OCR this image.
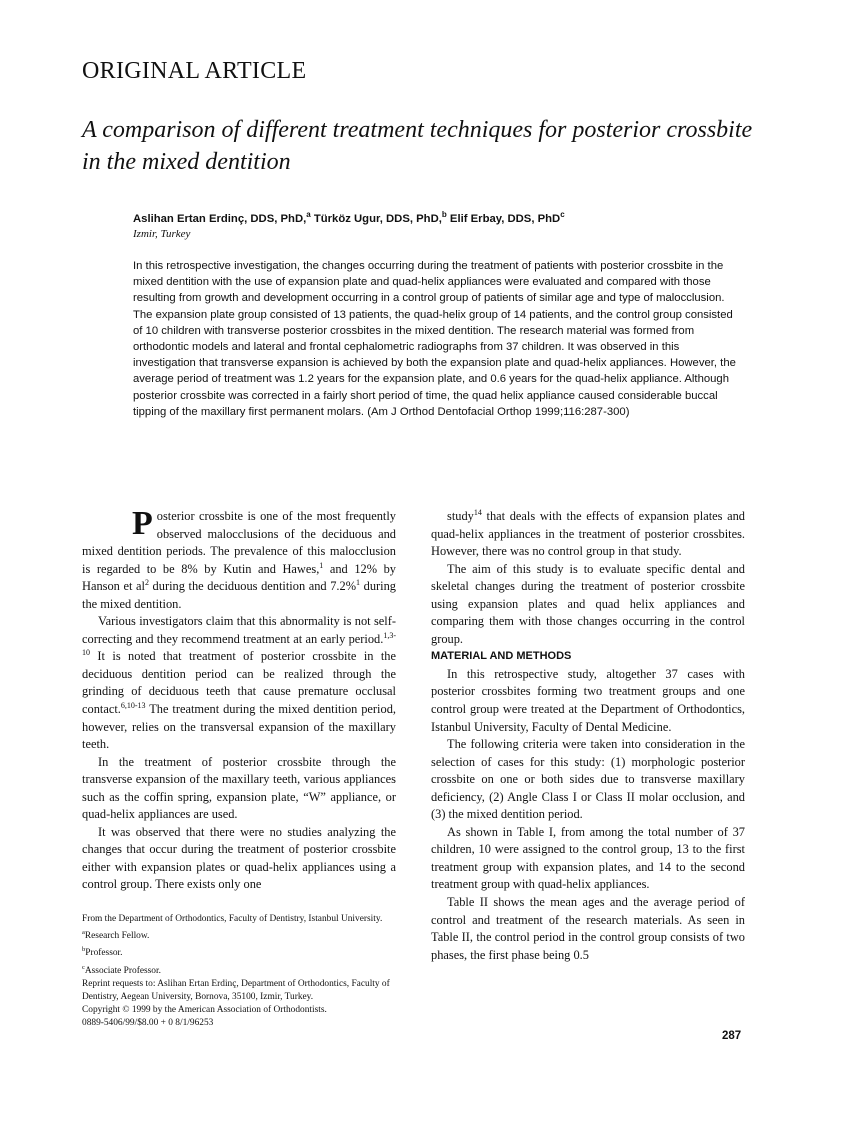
ORIGINAL ARTICLE
A comparison of different treatment techniques for posterior crossbite in the mixed dentition
Aslihan Ertan Erdinç, DDS, PhD,$^a$ Türköz Ugur, DDS, PhD,$^b$ Elif Erbay, DDS, PhD$^c$
Izmir, Turkey
In this retrospective investigation, the changes occurring during the treatment of patients with posterior crossbite in the mixed dentition with the use of expansion plate and quad-helix appliances were evaluated and compared with those resulting from growth and development occurring in a control group of patients of similar age and type of malocclusion. The expansion plate group consisted of 13 patients, the quad-helix group of 14 patients, and the control group consisted of 10 children with transverse posterior crossbites in the mixed dentition. The research material was formed from orthodontic models and lateral and frontal cephalometric radiographs from 37 children. It was observed in this investigation that transverse expansion is achieved by both the expansion plate and quad-helix appliances. However, the average period of treatment was 1.2 years for the expansion plate, and 0.6 years for the quad-helix appliance. Although posterior crossbite was corrected in a fairly short period of time, the quad helix appliance caused considerable buccal tipping of the maxillary first permanent molars. (Am J Orthod Dentofacial Orthop 1999;116:287-300)

Posterior crossbite is one of the most frequently observed malocclusions of the deciduous and mixed dentition periods. The prevalence of this malocclusion is regarded to be 8% by Kutin and Hawes,$^1$ and 12% by Hanson et $al^2$ during the deciduous dentition and 7.2%$^1$ during the mixed dentition.

Various investigators claim that this abnormality is not self-correcting and they recommend treatment at an early period.$^{1,3-10}$ It is noted that treatment of posterior crossbite in the deciduous dentition period can be realized through the grinding of deciduous teeth that cause premature occlusal contact.$^{6,10-13}$ The treatment during the mixed dentition period, however, relies on the transversal expansion of the maxillary teeth.

In the treatment of posterior crossbite through the transverse expansion of the maxillary teeth, various appliances such as the coffin spring, expansion plate, “W” appliance, or quad-helix appliances are used.

It was observed that there were no studies analyzing the changes that occur during the treatment of posterior crossbite either with expansion plates or quad-helix appliances using a control group. There exists only one

study$^{14}$ that deals with the effects of expansion plates and quad-helix appliances in the treatment of posterior crossbites. However, there was no control group in that study.

The aim of this study is to evaluate specific dental and skeletal changes during the treatment of posterior crossbite using expansion plates and quad helix appliances and comparing them with those changes occurring in the control group.

MATERIAL AND METHODS

In this retrospective study, altogether 37 cases with posterior crossbites forming two treatment groups and one control group were treated at the Department of Orthodontics, Istanbul University, Faculty of Dental Medicine.

The following criteria were taken into consideration in the selection of cases for this study: (1) morphologic posterior crossbite on one or both sides due to transverse maxillary deficiency, (2) Angle Class I or Class II molar occlusion, and (3) the mixed dentition period.

As shown in Table I, from among the total number of 37 children, 10 were assigned to the control group, 13 to the first treatment group with expansion plates, and 14 to the second treatment group with quad-helix appliances.

Table II shows the mean ages and the average period of control and treatment of the research materials. As seen in Table II, the control period in the control group consists of two phases, the first phase being 0.5

From the Department of Orthodontics, Faculty of Dentistry, Istanbul University.
$^a$Research Fellow.
$^b$Professor.
$^c$Associate Professor.
Reprint requests to: Aslihan Ertan Erdinç, Department of Orthodontics, Faculty of Dentistry, Aegean University, Bornova, 35100, Izmir, Turkey.
Copyright © 1999 by the American Association of Orthodontists.
0889-5406/99/$8.00 + 0 8/1/96253
287
